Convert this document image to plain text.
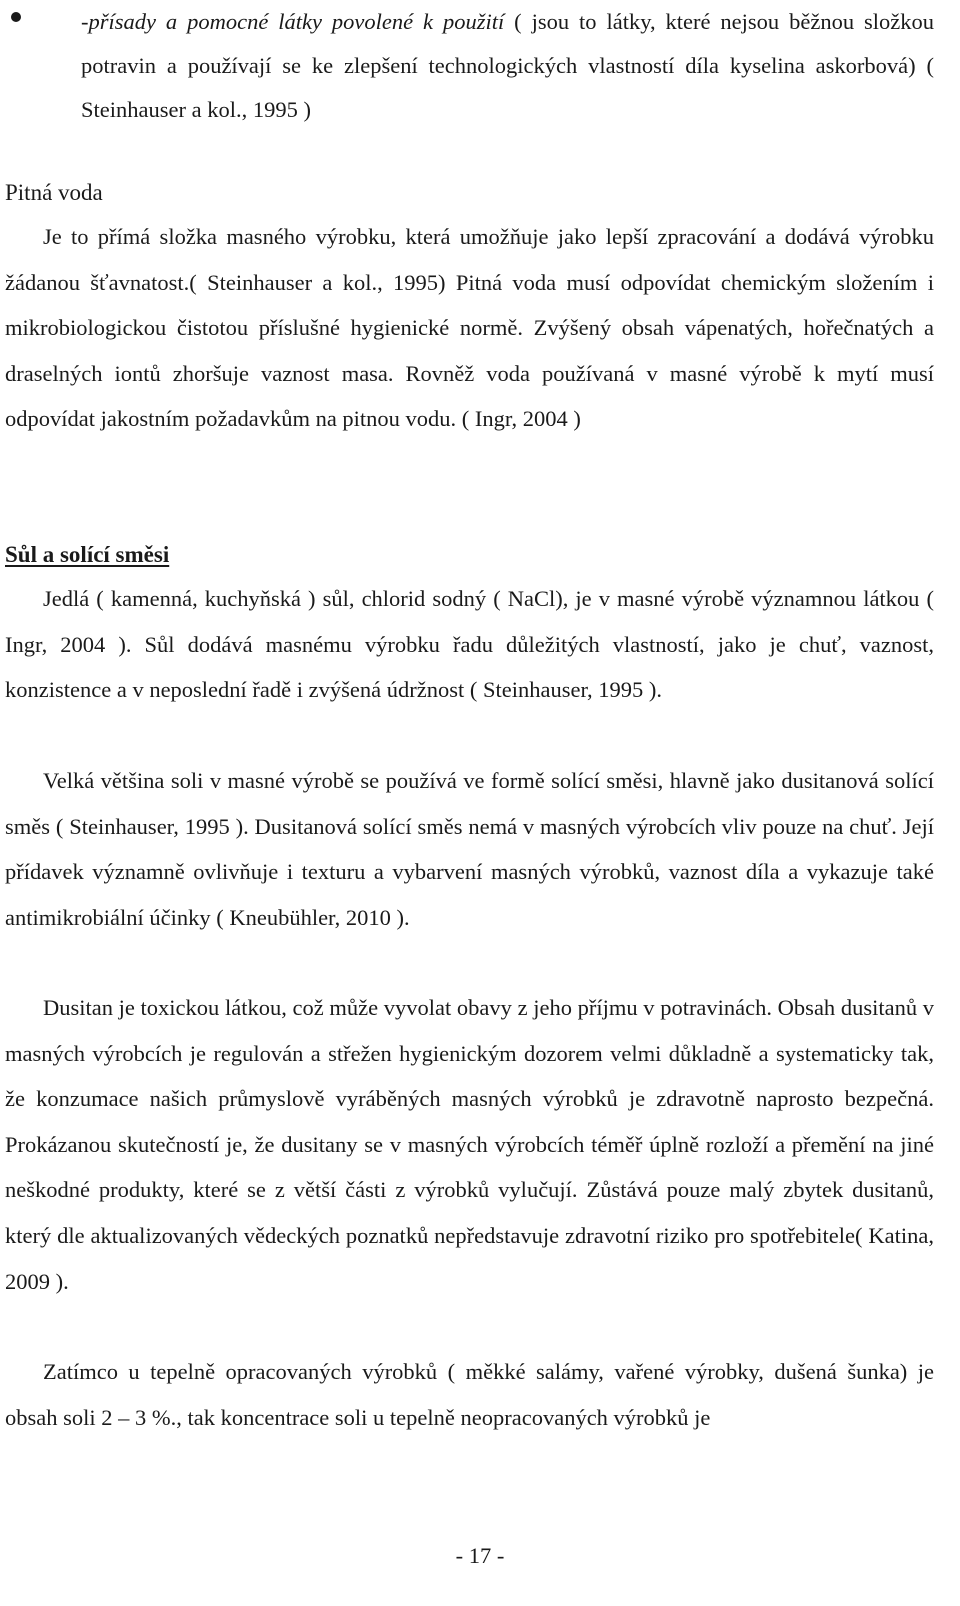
-přísady a pomocné látky povolené k použití ( jsou to látky, které nejsou běžnou složkou potravin a používají se ke zlepšení technologických vlastností díla kyselina askorbová) ( Steinhauser a kol., 1995 )
Pitná voda
Je to přímá složka masného výrobku, která umožňuje jako lepší zpracování a dodává výrobku žádanou šťavnatost.( Steinhauser a kol., 1995) Pitná voda musí odpovídat chemickým složením i mikrobiologickou čistotou příslušné hygienické normě. Zvýšený obsah vápenatých, hořečnatých a draselných iontů zhoršuje vaznost masa. Rovněž voda používaná v masné výrobě k mytí musí odpovídat jakostním požadavkům na pitnou vodu. ( Ingr, 2004 )
Sůl a solící směsi
Jedlá ( kamenná, kuchyňská ) sůl, chlorid sodný ( NaCl), je v masné výrobě významnou látkou ( Ingr, 2004 ). Sůl dodává masnému výrobku řadu důležitých vlastností, jako je chuť, vaznost, konzistence a v neposlední řadě i zvýšená údržnost ( Steinhauser, 1995 ).
Velká většina soli v masné výrobě se používá ve formě solící směsi, hlavně jako dusitanová solící směs ( Steinhauser, 1995 ). Dusitanová solící směs nemá v masných výrobcích vliv pouze na chuť. Její přídavek významně ovlivňuje i texturu a vybarvení masných výrobků, vaznost díla a vykazuje také antimikrobiální účinky ( Kneubühler, 2010 ).
Dusitan je toxickou látkou, což může vyvolat obavy z jeho příjmu v potravinách. Obsah dusitanů v masných výrobcích je regulován a střežen hygienickým dozorem velmi důkladně a systematicky tak, že konzumace našich průmyslově vyráběných masných výrobků je zdravotně naprosto bezpečná. Prokázanou skutečností je, že dusitany se v masných výrobcích téměř úplně rozloží a přemění na jiné neškodné produkty, které se z větší části z výrobků vylučují. Zůstává pouze malý zbytek dusitanů, který dle aktualizovaných vědeckých poznatků nepředstavuje zdravotní riziko pro spotřebitele( Katina, 2009 ).
Zatímco u tepelně opracovaných výrobků ( měkké salámy, vařené výrobky, dušená šunka) je obsah soli 2 – 3 %., tak koncentrace soli u tepelně neopracovaných výrobků je
- 17 -
